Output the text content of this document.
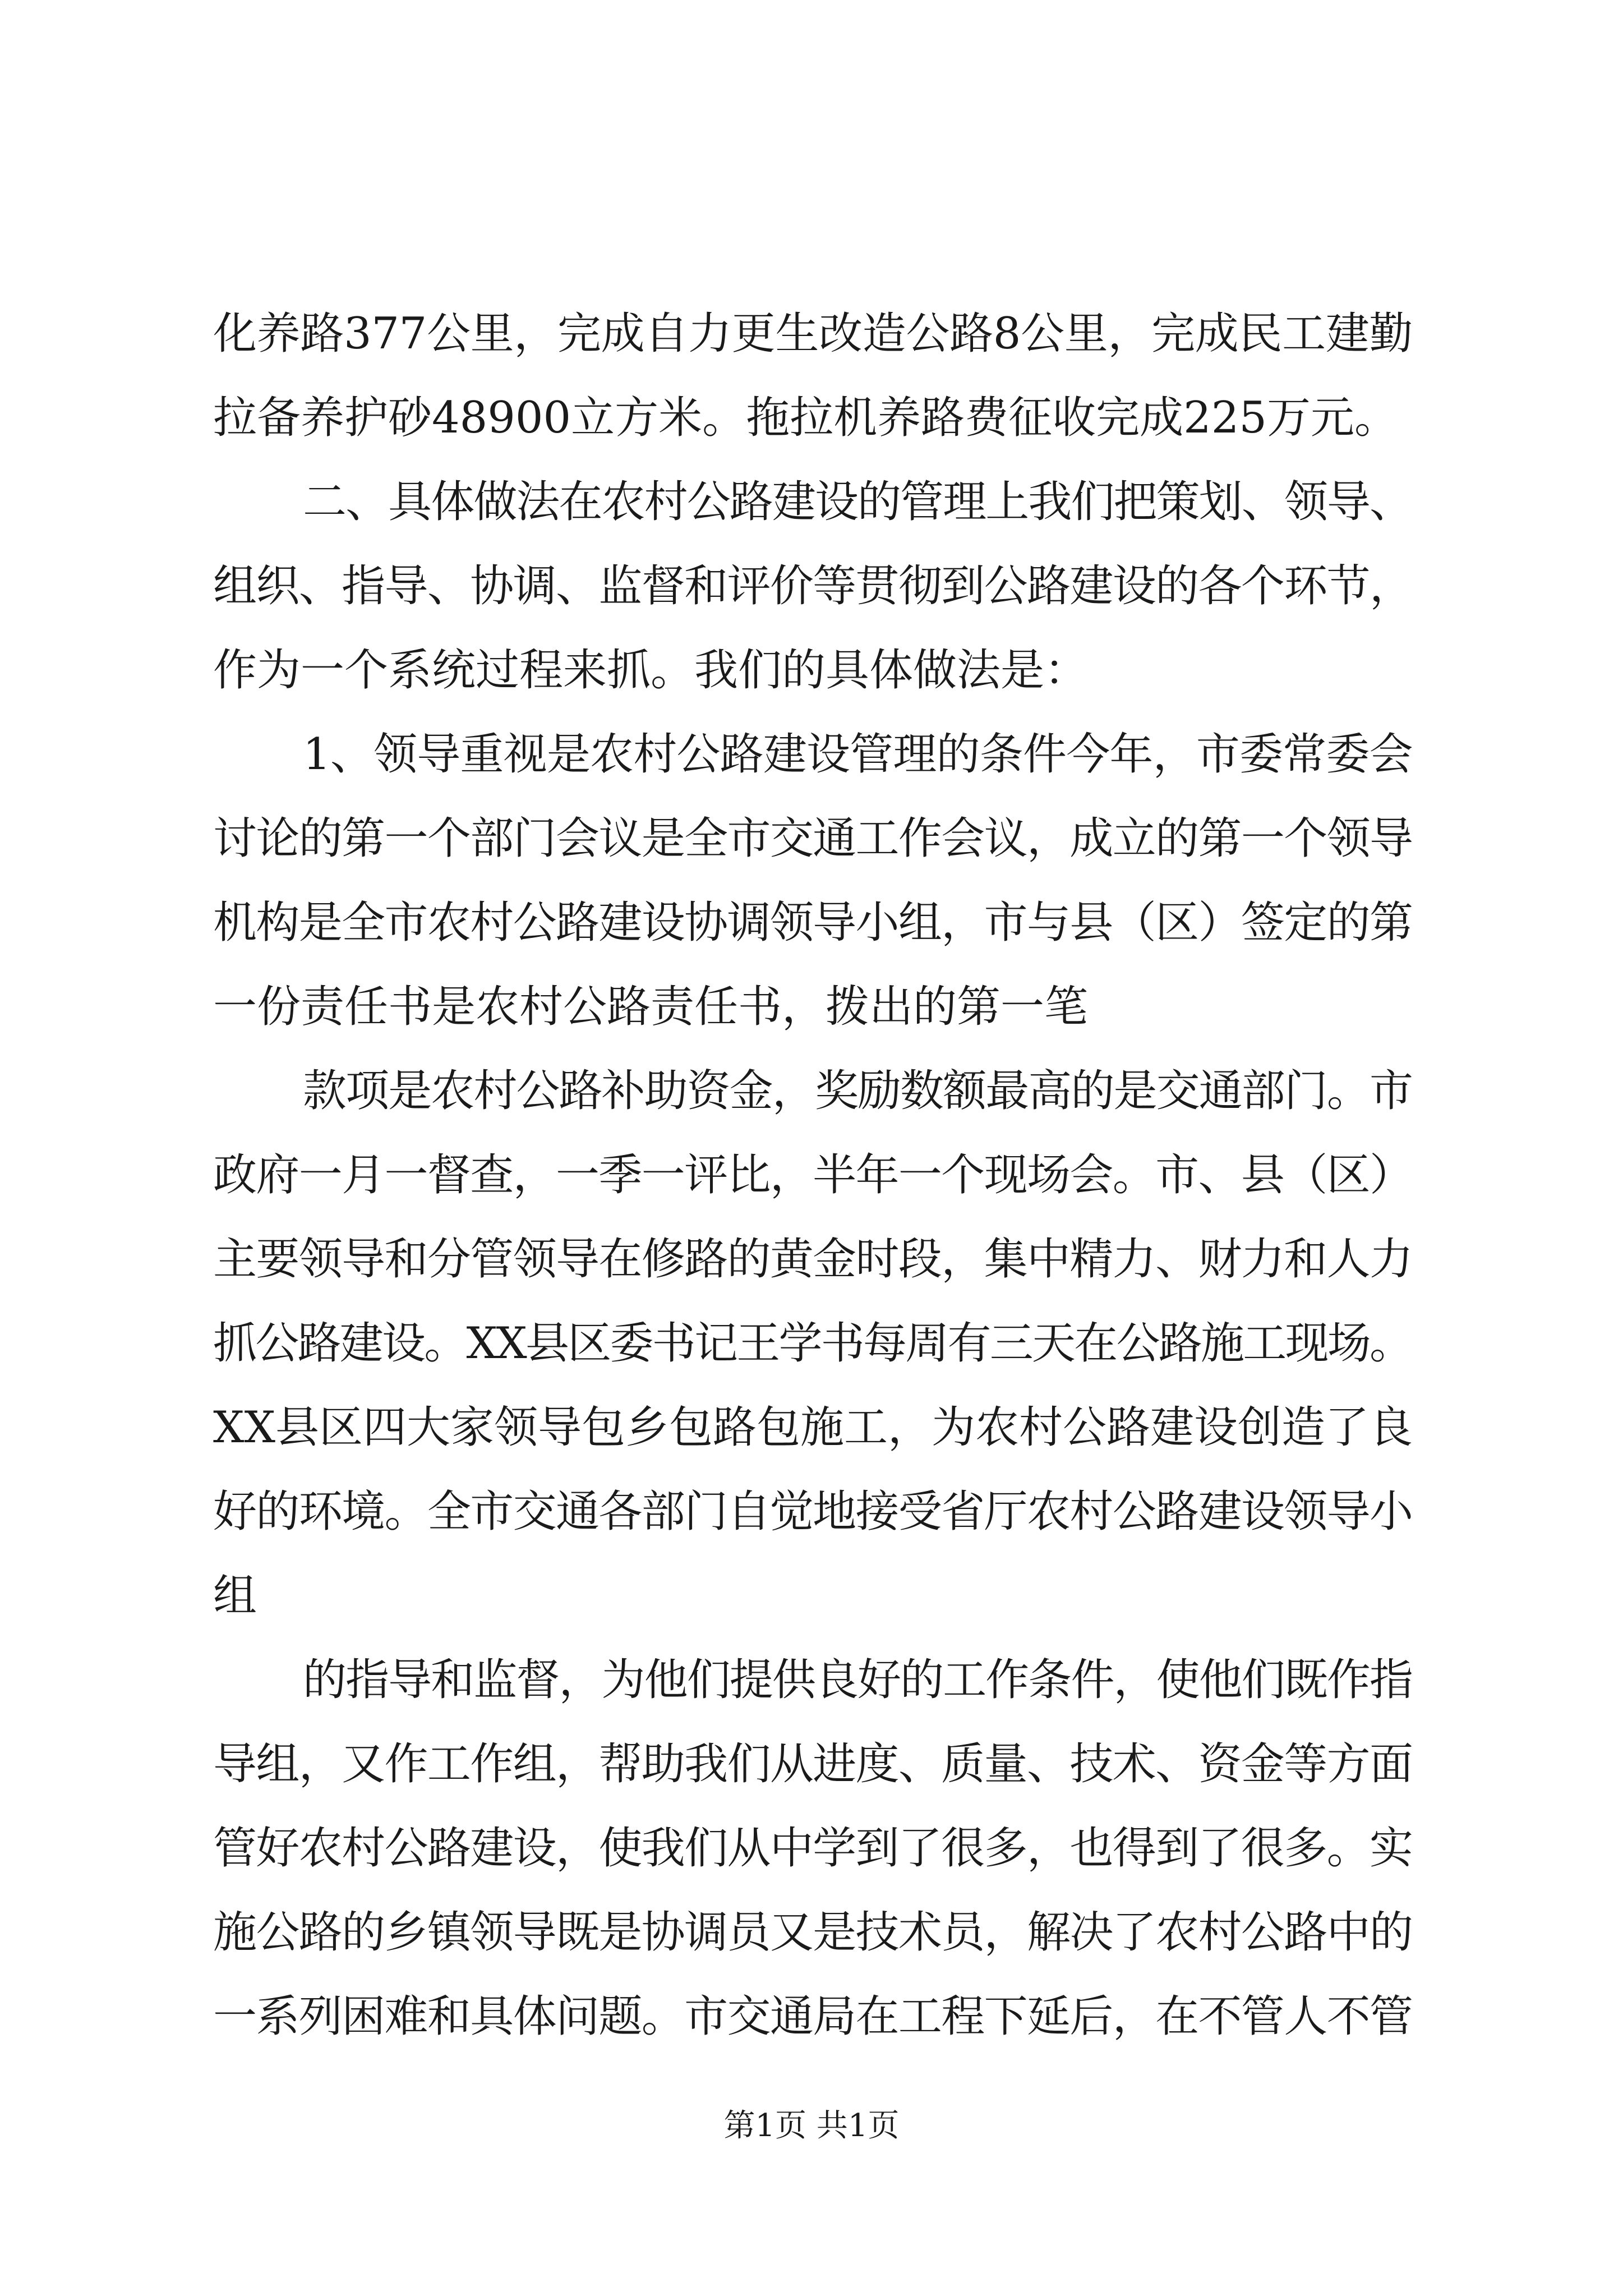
化养路377公里，完成自力更生改造公路8公里，完成民工建勤
拉备养护砂48900立方米。拖拉机养路费征收完成225万元。
二、具体做法在农村公路建设的管理上我们把策划、领导、
组织、指导、协调、监督和评价等贯彻到公路建设的各个环节，
作为一个系统过程来抓。我们的具体做法是：
1、领导重视是农村公路建设管理的条件今年，市委常委会
讨论的第一个部门会议是全市交通工作会议，成立的第一个领导
机构是全市农村公路建设协调领导小组，市与县（区）签定的第
一份责任书是农村公路责任书，拨出的第一笔
款项是农村公路补助资金，奖励数额最高的是交通部门。市
政府一月一督查，一季一评比，半年一个现场会。市、县（区）
主要领导和分管领导在修路的黄金时段，集中精力、财力和人力
抓公路建设。XX县区委书记王学书每周有三天在公路施工现场。
XX县区四大家领导包乡包路包施工，为农村公路建设创造了良
好的环境。全市交通各部门自觉地接受省厅农村公路建设领导小
组
的指导和监督，为他们提供良好的工作条件，使他们既作指
导组，又作工作组，帮助我们从进度、质量、技术、资金等方面
管好农村公路建设，使我们从中学到了很多，也得到了很多。实
施公路的乡镇领导既是协调员又是技术员，解决了农村公路中的
一系列困难和具体问题。市交通局在工程下延后，在不管人不管
第1页 共1页
